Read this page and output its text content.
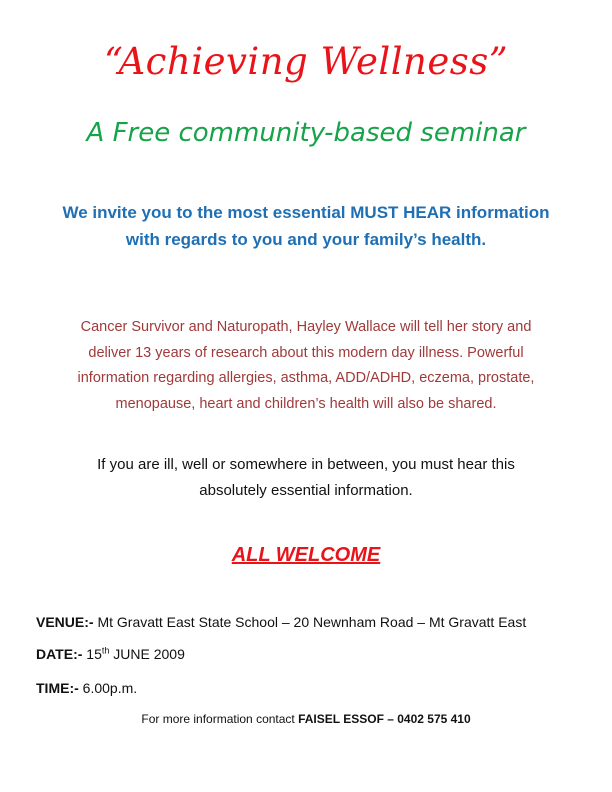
“Achieving Wellness”
A Free community-based seminar
We invite you to the most essential MUST HEAR information with regards to you and your family’s health.
Cancer Survivor and Naturopath, Hayley Wallace will tell her story and
deliver 13 years of research about this modern day illness. Powerful
information regarding allergies, asthma, ADD/ADHD, eczema, prostate,
menopause, heart and children’s health will also be shared.
If you are ill, well or somewhere in between, you must hear this
absolutely essential information.
ALL WELCOME
VENUE:- Mt Gravatt East State School – 20 Newnham Road – Mt Gravatt East
DATE:- 15th JUNE 2009
TIME:- 6.00p.m.
For more information contact FAISEL ESSOF – 0402 575 410
